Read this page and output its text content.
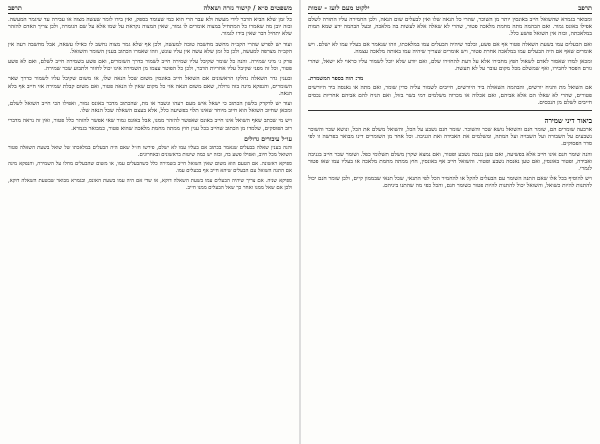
משפטים ס״א / קישור גזרה ושאלה
תרפב

כל זמן שלא הביא הדבר לידי מעשה ולא עבר הרי הוא כמי שעומד בספק, ואין בידו לומר שעשה מצוה או עבירה עד שיגמר המעשה. ובזה יובן מה שאמרו כל המתחיל במצוה אומרים לו גמור, שאין המצוה נקראת על שמו אלא על שם הגומרה, ולכן צריך האדם להזהר שלא יתחיל דבר שאין בידו לגמור.

ועוד יש לפרש שהרי הקב״ה מחשב מחשבה טובה למעשה, ולכן אף שלא גמר מצוה נחשב לו כאילו עשאה, אבל מחשבה רעה אין הקב״ה מצרפה למעשה, ולכן כל זמן שלא עשה אין עליו עונש, וזהו שאמרו הכתוב בענין השומר והשואל.

פרק ג׳ מיני שמירה. והנה כל שומר שקיבל עליו שמירה חייב לשמור כדרך השומרים, ואם פשע בשמירה חייב לשלם, ואם לא פשע פטור, וכל זה מפני שקיבל עליו אחריות הדבר, ולכן כל הפוטר עצמו מן השמירה אינו יכול לחזור ולתבוע שכר שמירה.

ובענין גדר השאלה נחלקו הראשונים אם השואל חייב באונסין משום שכל הנאה שלו, או משום שקיבל עליו לשמור כדרך שאר השומרים, והנפקא מינה בזה גדולה, שאם משום הנאה אזי כל מקום שאין לו הנאה פטור, ואם משום קבלת שמירה אזי חייב אף בלא הנאה.

ועוד יש לדקדק בלשון הכתוב כי ישאל איש מעם רעהו ונשבר או מת, שהכתוב מדבר באונס גמור, ואפילו הכי חייב השואל לשלם, ומכאן שחיוב השואל הוא חיוב מיוחד שאינו תלוי בפשיעה כלל, אלא בעצם השאלה שכל הנאה שלו.

ויש מי שכתב שאף השואל אינו חייב באונס שאפשר להזהר ממנו, אבל באונס גמור שאי אפשר להזהר כלל פטור, ואין זה נראה מדברי רוב הפוסקים, שלמדו מן הכתוב שחייב בכל ענין חוץ ממתה מחמת מלאכה שהוא פטור, כמבואר בגמרא.

עו״ל עיבורים גדולים

והנה בענין שאלה בבעלים שנאמר בכתוב אם בעליו עמו לא ישלם, פירשו חז״ל שאם היה הבעלים במלאכתו של שואל בשעת השאלה פטור השואל מכל חיוב, ואפילו פשע בה, ובזה יש כמה שיטות בראשונים ובאחרונים.

ספיקא ראשונה. אם הטעם הוא משום שאין השואל חייב בשמירה כלל כשהבעלים עמו, או משום שהבעלים מחלו על השמירה, והנפקא מינה אם התנה השואל עם הבעלים שיהא חייב אף בבעלים עמו.

ספיקא שניה. אם צריך שיהיה הבעלים עמו בשעת השאלה דוקא, או שדי אם היה עמו בשעת האונס, ובגמרא מבואר שבשעת השאלה דוקא, ולכן אם שאל ממנו ואחר כך שאל הבעלים ממנו חייב.

תרפב
ילקוט מעם לועז - שמות

ומבואר בגמרא שהשואל חייב באונסין יותר מן השוכר, שהרי כל הנאה שלו ואין לבעלים שום הנאה, ולכן החמירה עליו התורה לשלם אפילו באונס גמור. ואם הבהמה מתה מחמת מלאכה פטור, שהרי לא שאלה אלא לעשות בה מלאכה, ובעל הבהמה ידע שמא תמות במלאכתה, ובזה אין השואל פושע כלל.

ואם הבעלים עמו בשעת השאלה פטור אף אם פשע, ובלבד שיהיה הבעלים עמו במלאכתו, וזהו שנאמר אם בעליו עמו לא ישלם. ויש אומרים שאף אם היה הבעלים עמו במלאכה אחרת פטור, ויש אומרים שצריך שיהיה עמו באותה מלאכה עצמה.

ומכאן למדו שאסור לאדם לשאול חפץ מחבירו אלא על דעת להחזירו שלם, ואם יודע שלא יוכל לשמור עליו כראוי לא ישאל, שהרי גורם הפסד לחבירו, ואף שמשלם מכל מקום עובר על לא תעשה.

מד: הוה בספר המשמרת.

אם השואל מת והניח יורשים, והבהמה השאולה ביד היורשים, חייבים לשמור עליה כדין שומר, ואם מתה או נאנסה ביד היורשים פטורים, שהרי לא שאלו הם אלא אביהם, ואם אכלוה או מכרוה משלמים דמי בשר בזול, ואם הניח להם אביהם אחריות נכסים חייבים לשלם מן הנכסים.

ביאור דיני שמירה

ארבעה שומרים הם, שומר חנם והשואל נושא שכר והשוכר. שומר חנם נשבע על הכל, והשואל משלם את הכל, ונושא שכר והשוכר נשבעים על השבורה ועל השבויה ועל המתה, ומשלמים את האבידה ואת הגניבה. וכל אחד מן השומרים דינו מבואר בפרשה זו לפי סדר הפסוקים.

והנה שומר חנם אינו חייב אלא בפשיעה, ואם טען נגנבה נשבע ופטור, ואם נמצא שקרן משלם תשלומי כפל. ושומר שכר חייב בגניבה ואבידה, ופטור באונסין, ואם טען נאנסה נשבע ופטור. והשואל חייב אף באונסין, חוץ ממתה מחמת מלאכה או בעליו עמו שאז פטור לגמרי.

ויש להוסיף בכל אלו שאם התנה השומר עם הבעלים להקל או להחמיר הכל לפי התנאי, שכל תנאי שבממון קיים, ולכן שומר חנם יכול להתנות להיות כשואל, והשואל יכול להתנות להיות פטור כשומר חנם, והכל כפי מה שהתנו ביניהם.
